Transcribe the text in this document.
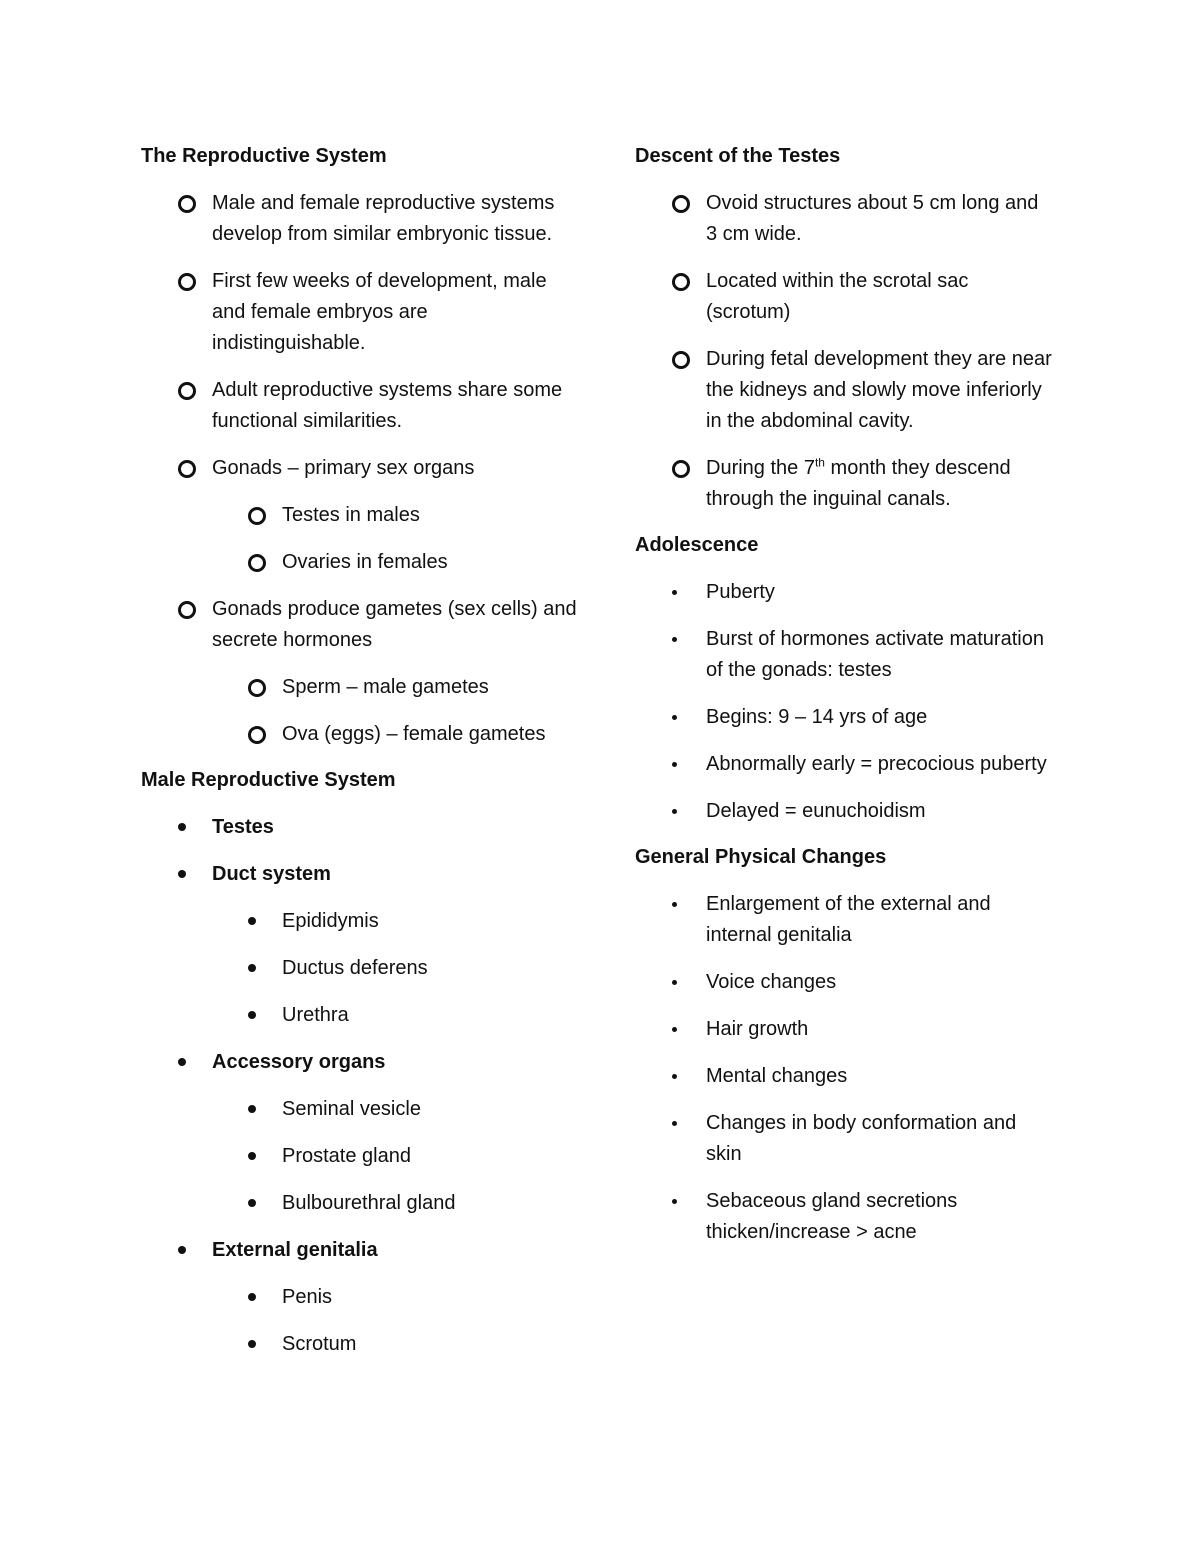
The Reproductive System
Male and female reproductive systems develop from similar embryonic tissue.
First few weeks of development, male and female embryos are indistinguishable.
Adult reproductive systems share some functional similarities.
Gonads – primary sex organs
Testes in males
Ovaries in females
Gonads produce gametes (sex cells) and secrete hormones
Sperm – male gametes
Ova (eggs) – female gametes
Male Reproductive System
Testes
Duct system
Epididymis
Ductus deferens
Urethra
Accessory organs
Seminal vesicle
Prostate gland
Bulbourethral gland
External genitalia
Penis
Scrotum
Descent of the Testes
Ovoid structures about 5 cm long and 3 cm wide.
Located within the scrotal sac (scrotum)
During fetal development they are near the kidneys and slowly move inferiorly in the abdominal cavity.
During the 7th month they descend through the inguinal canals.
Adolescence
Puberty
Burst of hormones activate maturation of the gonads: testes
Begins: 9 – 14 yrs of age
Abnormally early = precocious puberty
Delayed = eunuchoidism
General Physical Changes
Enlargement of the external and internal genitalia
Voice changes
Hair growth
Mental changes
Changes in body conformation and skin
Sebaceous gland secretions thicken/increase > acne
